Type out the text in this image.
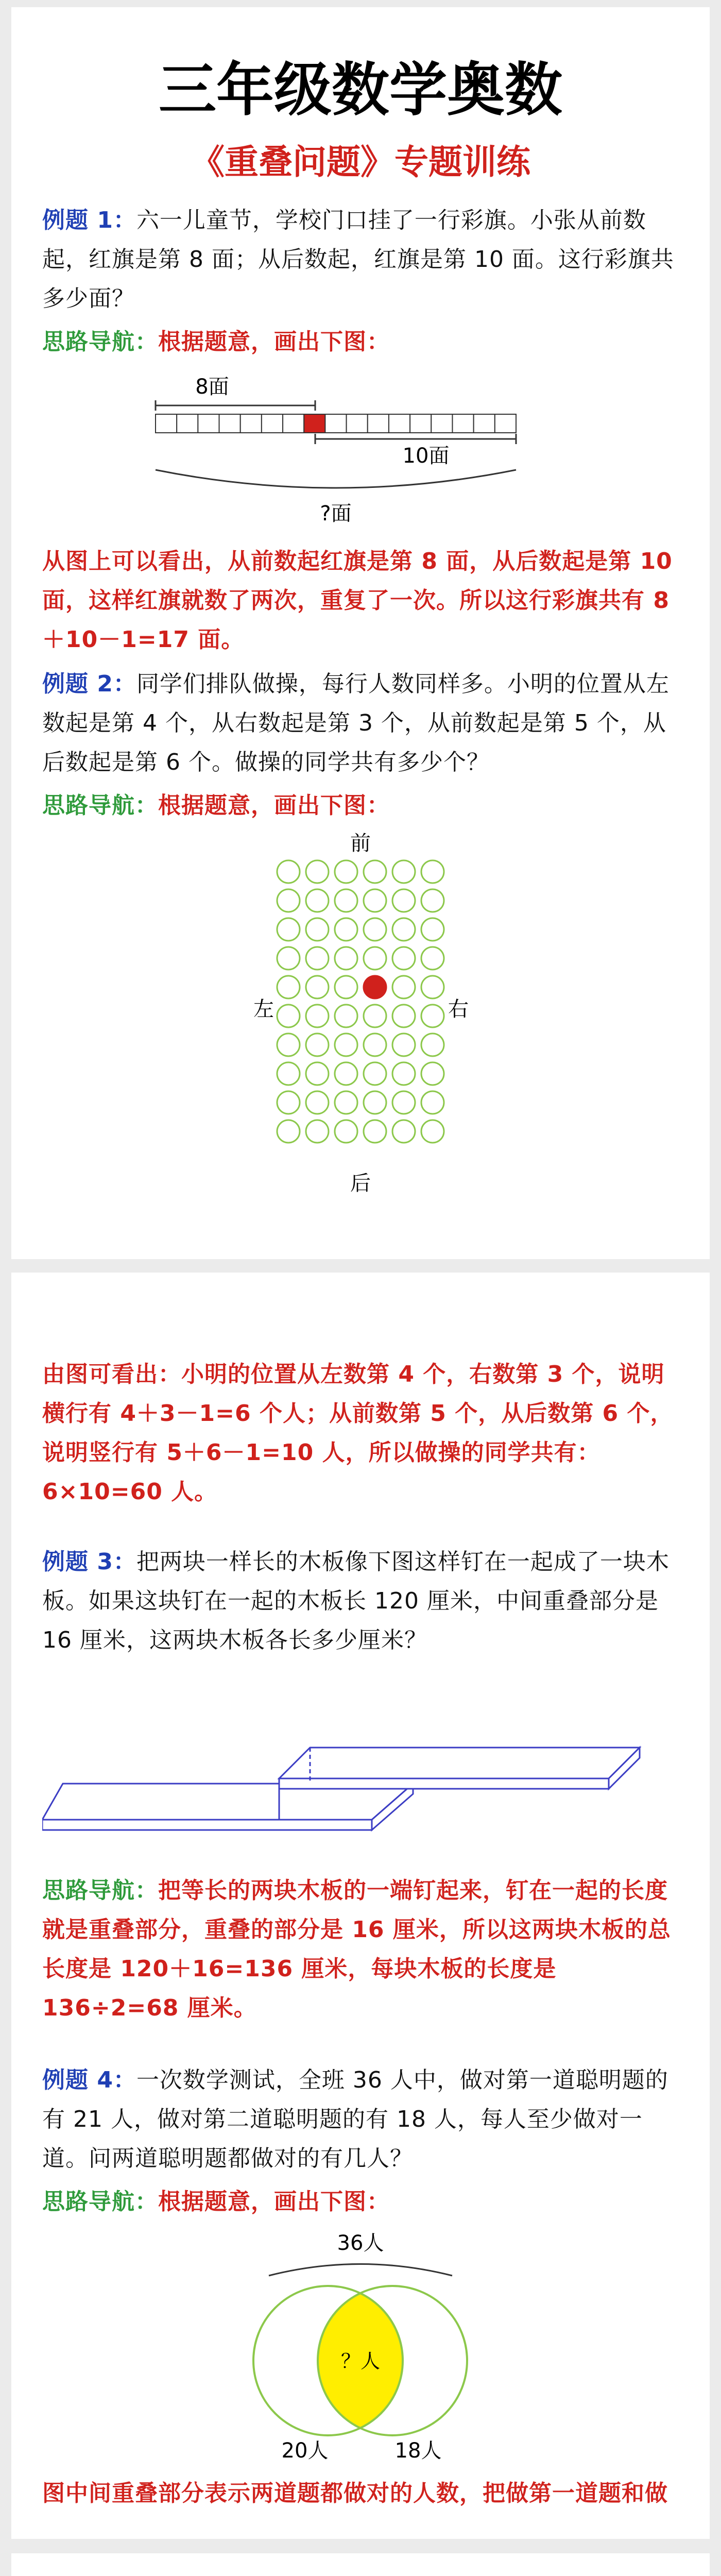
三年级数学奥数
《重叠问题》专题训练

例题 1：六一儿童节，学校门口挂了一行彩旗。小张从前数起，红旗是第 8 面；从后数起，红旗是第 10 面。这行彩旗共多少面？

思路导航：根据题意，画出下图：

8面
10面
?面

从图上可以看出，从前数起红旗是第 8 面，从后数起是第 10 面，这样红旗就数了两次，重复了一次。所以这行彩旗共有 8＋10－1=17 面。

例题 2：同学们排队做操，每行人数同样多。小明的位置从左数起是第 4 个，从右数起是第 3 个，从前数起是第 5 个，从后数起是第 6 个。做操的同学共有多少个？

思路导航：根据题意，画出下图：

前
左	右
后

由图可看出：小明的位置从左数第 4 个，右数第 3 个，说明横行有 4＋3－1=6 个人；从前数第 5 个，从后数第 6 个，说明竖行有 5＋6－1=10 人，所以做操的同学共有：6×10=60 人。

例题 3：把两块一样长的木板像下图这样钉在一起成了一块木板。如果这块钉在一起的木板长 120 厘米，中间重叠部分是 16 厘米，这两块木板各长多少厘米？

思路导航：把等长的两块木板的一端钉起来，钉在一起的长度就是重叠部分，重叠的部分是 16 厘米，所以这两块木板的总长度是 120＋16=136 厘米，每块木板的长度是 136÷2=68 厘米。

例题 4：一次数学测试，全班 36 人中，做对第一道聪明题的有 21 人，做对第二道聪明题的有 18 人，每人至少做对一道。问两道聪明题都做对的有几人？

思路导航：根据题意，画出下图：

36人
？人
20人	18人

图中间重叠部分表示两道题都做对的人数，把做第一道题和做
